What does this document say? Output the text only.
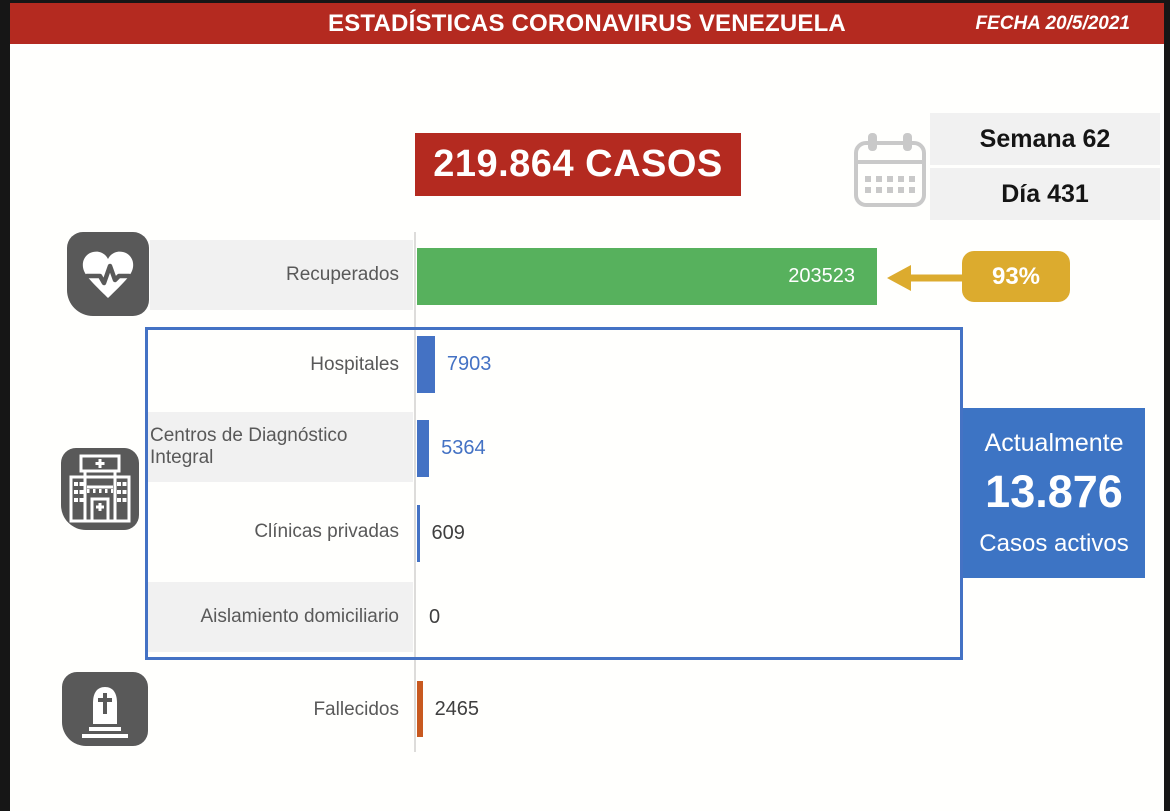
ESTADÍSTICAS CORONAVIRUS VENEZUELA	FECHA 20/5/2021
219.864 CASOS
Semana 62
Día 431
Recuperados
Hospitales
Centros de Diagnóstico Integral
Clínicas privadas
Aislamiento domiciliario
Fallecidos
203523
7903
5364
609
0
2465
93%
Actualmente
13.876
Casos activos
